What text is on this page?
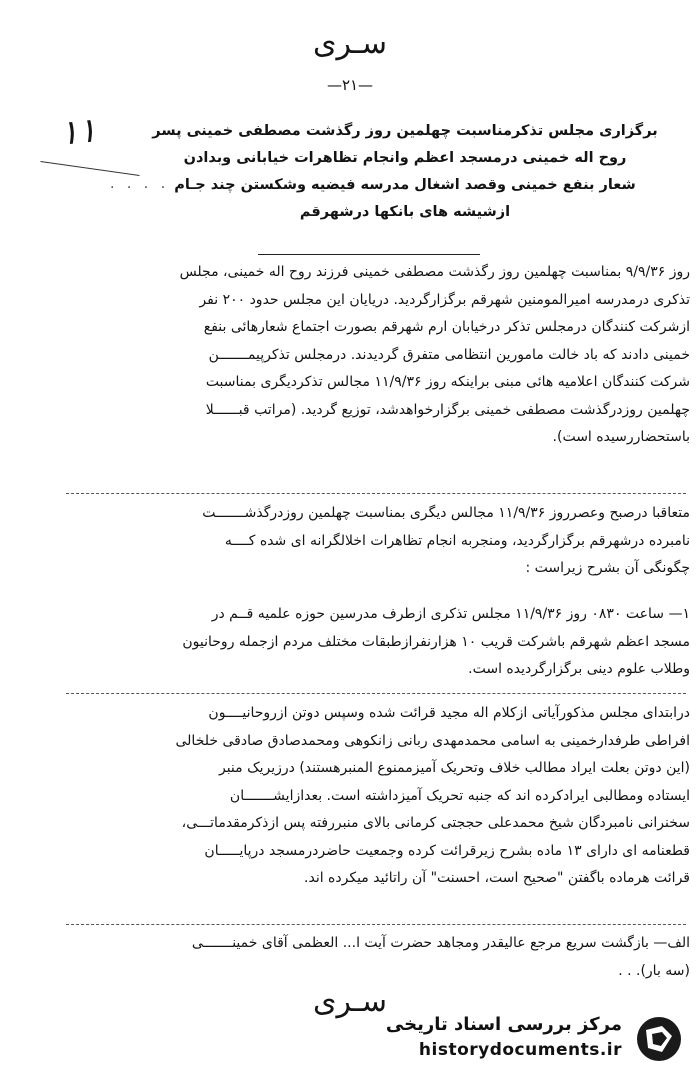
سـری
—۲۱—
۱۱
. . . .
برگزاری مجلس تذکرمناسبت چهلمین روز رگذشت مصطفی خمینی پسر
روح اله خمینی درمسجد اعظم وانجام تظاهرات خیابانی وبدادن
شعار بنفع خمینی وقصد اشغال مدرسه فیضیه وشکستن چند جـام
ازشیشه های بانکها درشهرقم
روز ۹/۹/۳۶ بمناسبت چهلمین روز رگذشت مصطفی خمینی فرزند روح اله خمینی، مجلس
تذکری درمدرسه امیرالمومنین شهرقم برگزارگردید. دریایان این مجلس حدود ۲۰۰ نفر
ازشرکت کنندگان درمجلس تذکر درخیابان ارم شهرقم بصورت اجتماع شعارهائی بنفع
خمینی دادند که باد خالت مامورین انتظامی متفرق گردیدند. درمجلس تذکرپیمـــــــن
شرکت کنندگان اعلامیه هائی مبنی براینکه روز ۱۱/۹/۳۶ مجالس تذکردیگری بمناسبت
چهلمین روزدرگذشت مصطفی خمینی برگزارخواهدشد، توزیع گردید. (مراتب قبــــــلا
باستحضاررسیده است).
متعاقبا درصبح وعصرروز ۱۱/۹/۳۶ مجالس دیگری بمناسبت چهلمین روزدرگذشـــــــت
نامبرده درشهرقم برگزارگردید، ومنجربه انجام تظاهرات اخلالگرانه ای شده کــــه
چگونگی آن بشرح زیراست :
۱— ساعت ۰۸۳۰ روز ۱۱/۹/۳۶ مجلس تذکری ازطرف مدرسین حوزه علمیه قــم در
مسجد اعظم شهرقم باشرکت قریب ۱۰ هزارنفرازطبقات مختلف مردم ازجمله روحانیون
وطلاب علوم دینی برگزارگردیده است.
درابتدای مجلس مذکورآیاتی ازکلام اله مجید قرائت شده وسپس دوتن ازروحانیــــون
افراطی طرفدارخمینی به اسامی محمدمهدی ربانی زانکوهی ومحمدصادق صادقی خلخالی
(این دوتن بعلت ایراد مطالب خلاف وتحریک آمیزممنوع المنبرهستند) درزیریک منبر
ایستاده ومطالبی ایرادکرده اند که جنبه تحریک آمیزداشته است. بعدازایشـــــــان
سخنرانی نامبردگان شیخ محمدعلی حججتی کرمانی بالای منبررفته پس ازذکرمقدماتـــی،
قطعنامه ای دارای ۱۳ ماده بشرح زیرقرائت کرده وجمعیت حاضردرمسجد درپایـــــان
قرائت هرماده باگفتن "صحیح است، احسنت" آن راتائید میکرده اند.
الف— بازگشت سریع مرجع عالیقدر ومجاهد حضرت آیت ا... العظمی آقای خمینـــــــی
(سه بار). . .
سـری
مرکز بررسی اسناد تاریخی
historydocuments.ir
